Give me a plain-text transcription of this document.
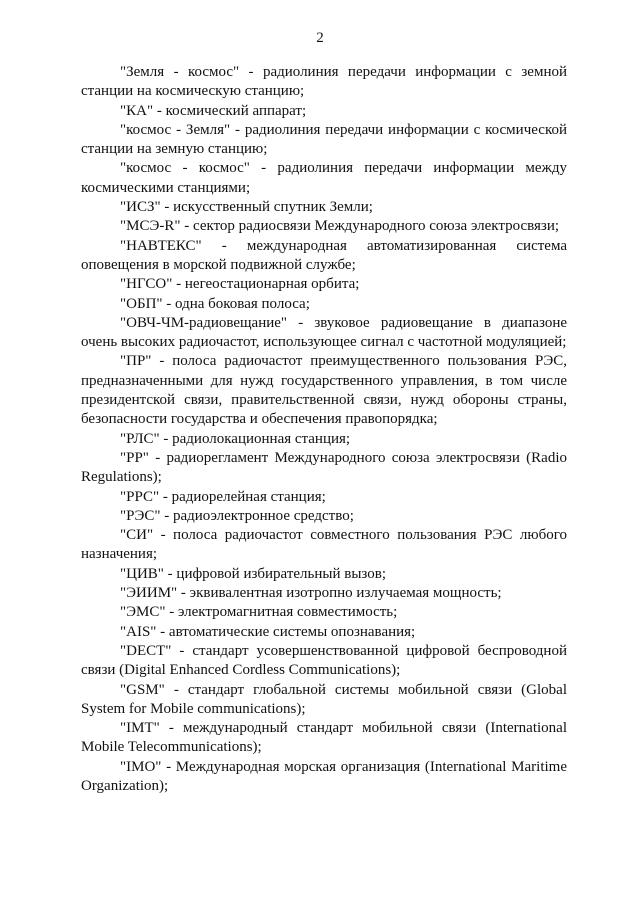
2

"Земля - космос" - радиолиния передачи информации с земной станции на космическую станцию;

"КА" - космический аппарат;

"космос - Земля" - радиолиния передачи информации с космической станции на земную станцию;

"космос - космос" - радиолиния передачи информации между космическими станциями;

"ИСЗ" - искусственный спутник Земли;

"МСЭ-R" - сектор радиосвязи Международного союза электросвязи;

"НАВТЕКС" - международная автоматизированная система оповещения в морской подвижной службе;

"НГСО" - негеостационарная орбита;

"ОБП" - одна боковая полоса;

"ОВЧ-ЧМ-радиовещание" - звуковое радиовещание в диапазоне очень высоких радиочастот, использующее сигнал с частотной модуляцией;

"ПР" - полоса радиочастот преимущественного пользования РЭС, предназначенными для нужд государственного управления, в том числе президентской связи, правительственной связи, нужд обороны страны, безопасности государства и обеспечения правопорядка;

"РЛС" - радиолокационная станция;

"РР" - радиорегламент Международного союза электросвязи (Radio Regulations);

"РРС" - радиорелейная станция;

"РЭС" - радиоэлектронное средство;

"СИ" - полоса радиочастот совместного пользования РЭС любого назначения;

"ЦИВ" - цифровой избирательный вызов;

"ЭИИМ" - эквивалентная изотропно излучаемая мощность;

"ЭМС" - электромагнитная совместимость;

"AIS" - автоматические системы опознавания;

"DECT" - стандарт усовершенствованной цифровой беспроводной связи (Digital Enhanced Cordless Communications);

"GSM" - стандарт глобальной системы мобильной связи (Global System for Mobile communications);

"IMT" - международный стандарт мобильной связи (International Mobile Telecommunications);

"IMO" - Международная морская организация (International Maritime Organization);
